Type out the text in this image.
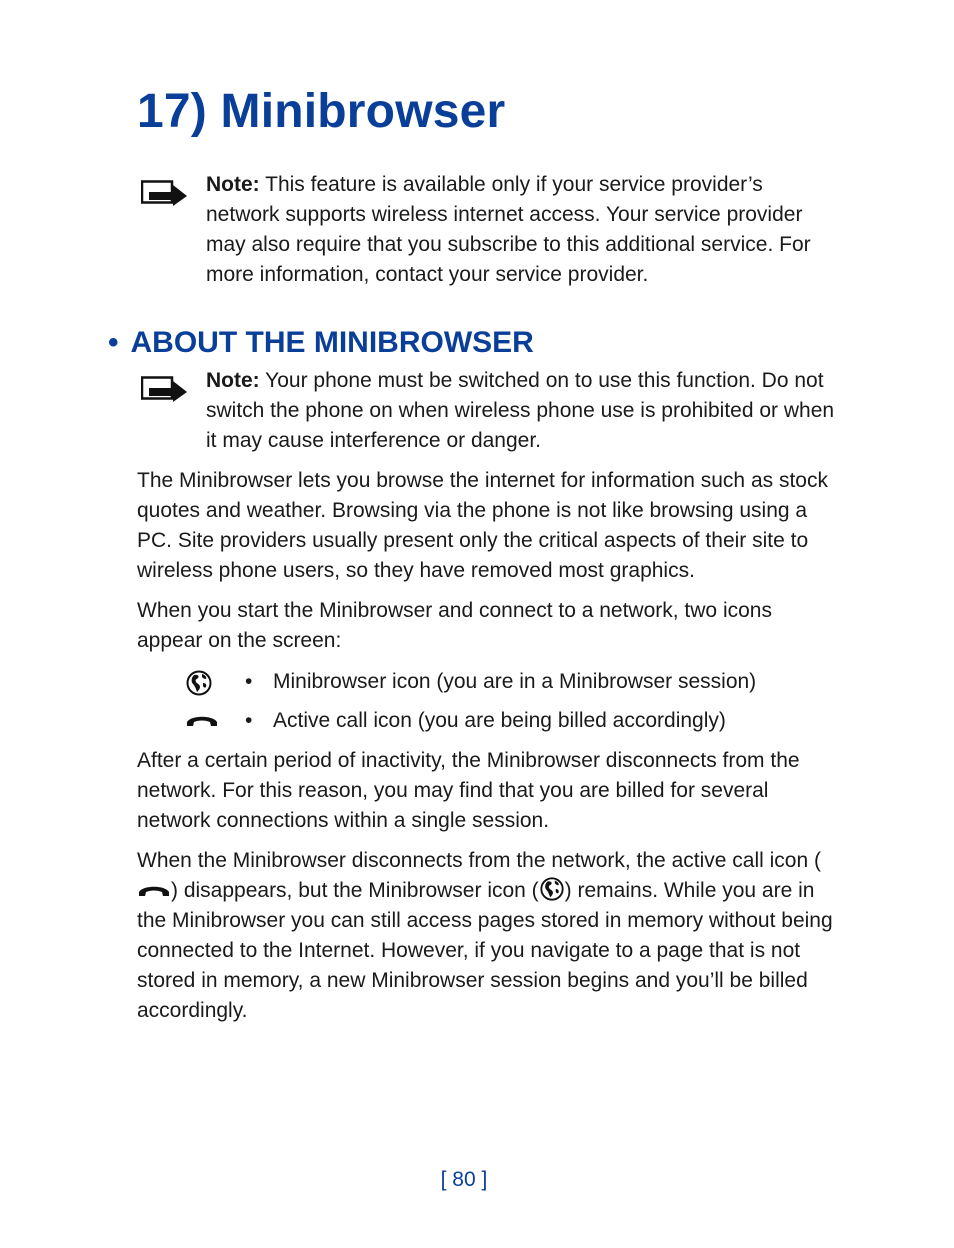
17) Minibrowser
Note: This feature is available only if your service provider’s network supports wireless internet access. Your service provider may also require that you subscribe to this additional service. For more information, contact your service provider.
• ABOUT THE MINIBROWSER
Note: Your phone must be switched on to use this function. Do not switch the phone on when wireless phone use is prohibited or when it may cause interference or danger.

The Minibrowser lets you browse the internet for information such as stock quotes and weather. Browsing via the phone is not like browsing using a PC. Site providers usually present only the critical aspects of their site to wireless phone users, so they have removed most graphics.

When you start the Minibrowser and connect to a network, two icons appear on the screen:

• Minibrowser icon (you are in a Minibrowser session)
• Active call icon (you are being billed accordingly)

After a certain period of inactivity, the Minibrowser disconnects from the network. For this reason, you may find that you are billed for several network connections within a single session.

When the Minibrowser disconnects from the network, the active call icon () disappears, but the Minibrowser icon ( ) remains. While you are in the Minibrowser you can still access pages stored in memory without being connected to the Internet. However, if you navigate to a page that is not stored in memory, a new Minibrowser session begins and you’ll be billed accordingly.

[ 80 ]
